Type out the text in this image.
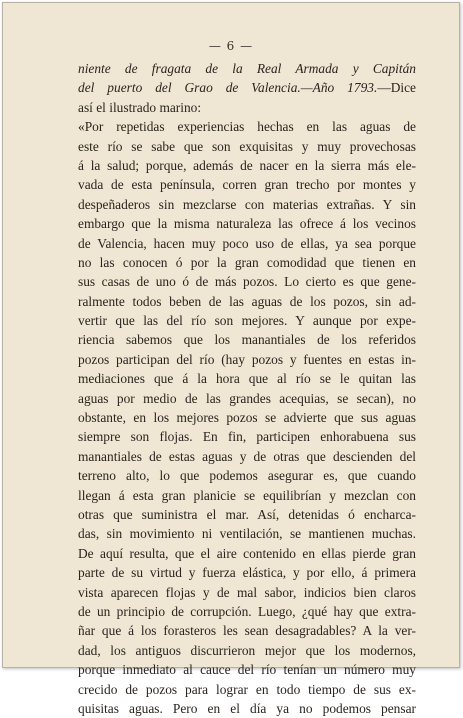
— 6 —
niente de fragata de la Real Armada y Capitán
del puerto del Grao de Valencia.—Año 1793.—Dice
así el ilustrado marino:
«Por repetidas experiencias hechas en las aguas de
este río se sabe que son exquisitas y muy provechosas
á la salud; porque, además de nacer en la sierra más ele-
vada de esta península, corren gran trecho por montes y
despeñaderos sin mezclarse con materias extrañas. Y sin
embargo que la misma naturaleza las ofrece á los vecinos
de Valencia, hacen muy poco uso de ellas, ya sea porque
no las conocen ó por la gran comodidad que tienen en
sus casas de uno ó de más pozos. Lo cierto es que gene-
ralmente todos beben de las aguas de los pozos, sin ad-
vertir que las del río son mejores. Y aunque por expe-
riencia sabemos que los manantiales de los referidos
pozos participan del río (hay pozos y fuentes en estas in-
mediaciones que á la hora que al río se le quitan las
aguas por medio de las grandes acequias, se secan), no
obstante, en los mejores pozos se advierte que sus aguas
siempre son flojas. En fin, participen enhorabuena sus
manantiales de estas aguas y de otras que descienden del
terreno alto, lo que podemos asegurar es, que cuando
llegan á esta gran planicie se equilibrían y mezclan con
otras que suministra el mar. Así, detenidas ó encharca-
das, sin movimiento ni ventilación, se mantienen muchas.
De aquí resulta, que el aire contenido en ellas pierde gran
parte de su virtud y fuerza elástica, y por ello, á primera
vista aparecen flojas y de mal sabor, indicios bien claros
de un principio de corrupción. Luego, ¿qué hay que extra-
ñar que á los forasteros les sean desagradables? A la ver-
dad, los antiguos discurrieron mejor que los modernos,
porque inmediato al cauce del río tenían un número muy
crecido de pozos para lograr en todo tiempo de sus ex-
quisitas aguas. Pero en el día ya no podemos pensar
